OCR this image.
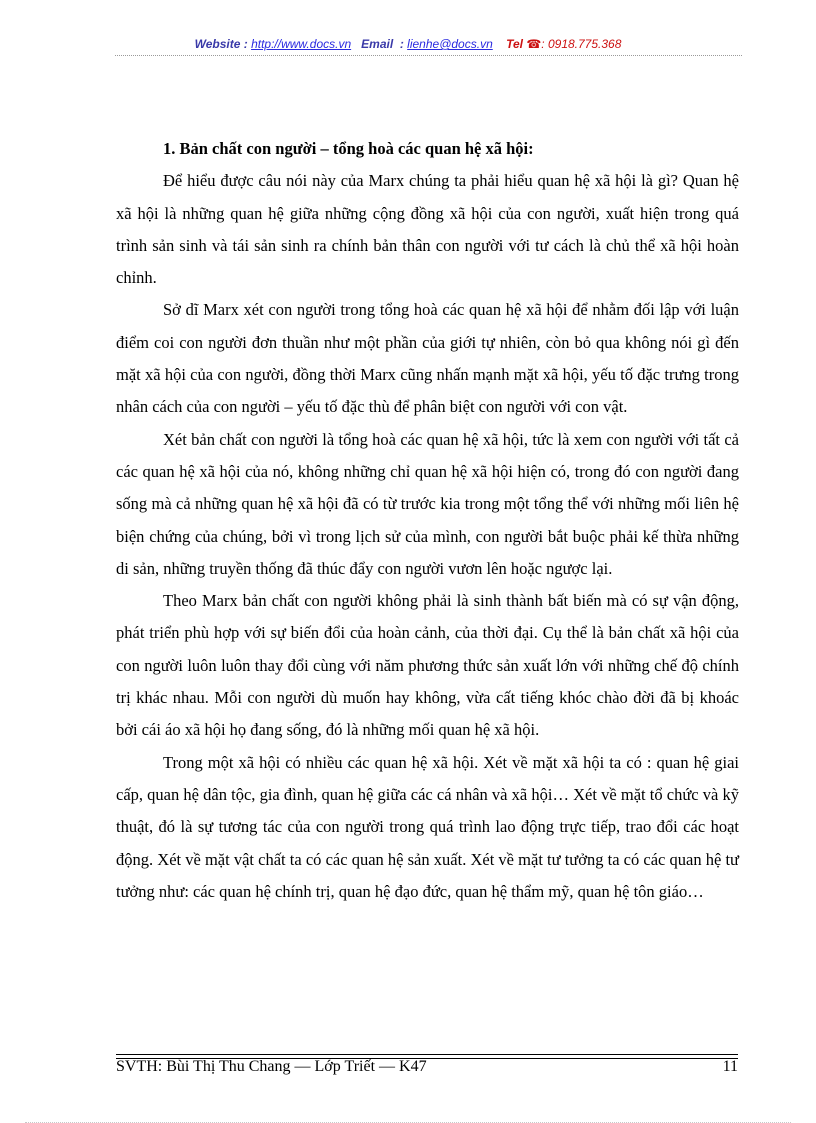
Website : http://www.docs.vn Email : lienhe@docs.vn Tel ☎: 0918.775.368

1. Bản chất con người – tổng hoà các quan hệ xã hội:

Để hiểu được câu nói này của Marx chúng ta phải hiểu quan hệ xã hội là gì? Quan hệ xã hội là những quan hệ giữa những cộng đồng xã hội của con người, xuất hiện trong quá trình sản sinh và tái sản sinh ra chính bản thân con người với tư cách là chủ thể xã hội hoàn chỉnh.

Sở dĩ Marx xét con người trong tổng hoà các quan hệ xã hội để nhằm đối lập với luận điểm coi con người đơn thuần như một phần của giới tự nhiên, còn bỏ qua không nói gì đến mặt xã hội của con người, đồng thời Marx cũng nhấn mạnh mặt xã hội, yếu tố đặc trưng trong nhân cách của con người – yếu tố đặc thù để phân biệt con người với con vật.

Xét bản chất con người là tổng hoà các quan hệ xã hội, tức là xem con người với tất cả các quan hệ xã hội của nó, không những chỉ quan hệ xã hội hiện có, trong đó con người đang sống mà cả những quan hệ xã hội đã có từ trước kia trong một tổng thể với những mối liên hệ biện chứng của chúng, bởi vì trong lịch sử của mình, con người bắt buộc phải kế thừa những di sản, những truyền thống đã thúc đẩy con người vươn lên hoặc ngược lại.

Theo Marx bản chất con người không phải là sinh thành bất biến mà có sự vận động, phát triển phù hợp với sự biến đổi của hoàn cảnh, của thời đại. Cụ thể là bản chất xã hội của con người luôn luôn thay đổi cùng với năm phương thức sản xuất lớn với những chế độ chính trị khác nhau. Mỗi con người dù muốn hay không, vừa cất tiếng khóc chào đời đã bị khoác bởi cái áo xã hội họ đang sống, đó là những mối quan hệ xã hội.

Trong một xã hội có nhiều các quan hệ xã hội. Xét về mặt xã hội ta có : quan hệ giai cấp, quan hệ dân tộc, gia đình, quan hệ giữa các cá nhân và xã hội… Xét về mặt tổ chức và kỹ thuật, đó là sự tương tác của con người trong quá trình lao động trực tiếp, trao đổi các hoạt động. Xét về mặt vật chất ta có các quan hệ sản xuất. Xét về mặt tư tưởng ta có các quan hệ tư tưởng như: các quan hệ chính trị, quan hệ đạo đức, quan hệ thẩm mỹ, quan hệ tôn giáo…

SVTH: Bùi Thị Thu Chang — Lớp Triết — K47	11
